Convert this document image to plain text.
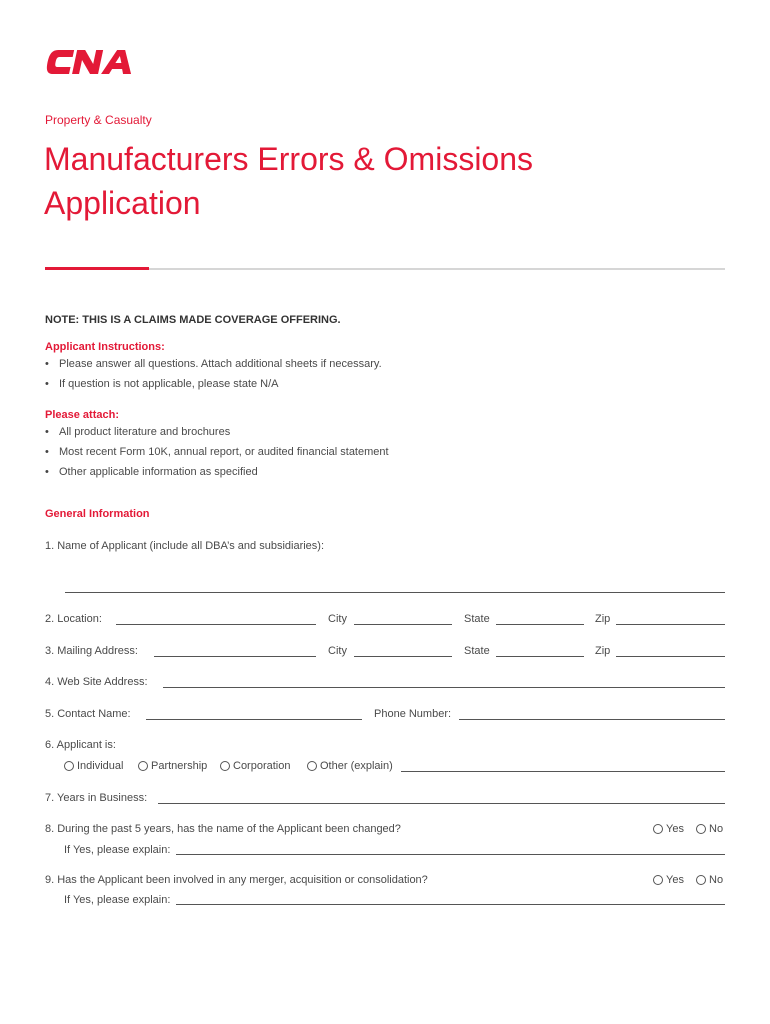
Property & Casualty
Manufacturers Errors & Omissions
Application
NOTE: THIS IS A CLAIMS MADE COVERAGE OFFERING.
Applicant Instructions:
• Please answer all questions. Attach additional sheets if necessary.
• If question is not applicable, please state N/A
Please attach:
• All product literature and brochures
• Most recent Form 10K, annual report, or audited financial statement
• Other applicable information as specified
General Information
1. Name of Applicant (include all DBA’s and subsidiaries):
2. Location:	City	State	Zip
3. Mailing Address:	City	State	Zip
4. Web Site Address:
5. Contact Name:	Phone Number:
6. Applicant is:
Individual	Partnership	Corporation	Other (explain)
7. Years in Business:
8. During the past 5 years, has the name of the Applicant been changed?	Yes	No
If Yes, please explain:
9. Has the Applicant been involved in any merger, acquisition or consolidation?	Yes	No
If Yes, please explain:
